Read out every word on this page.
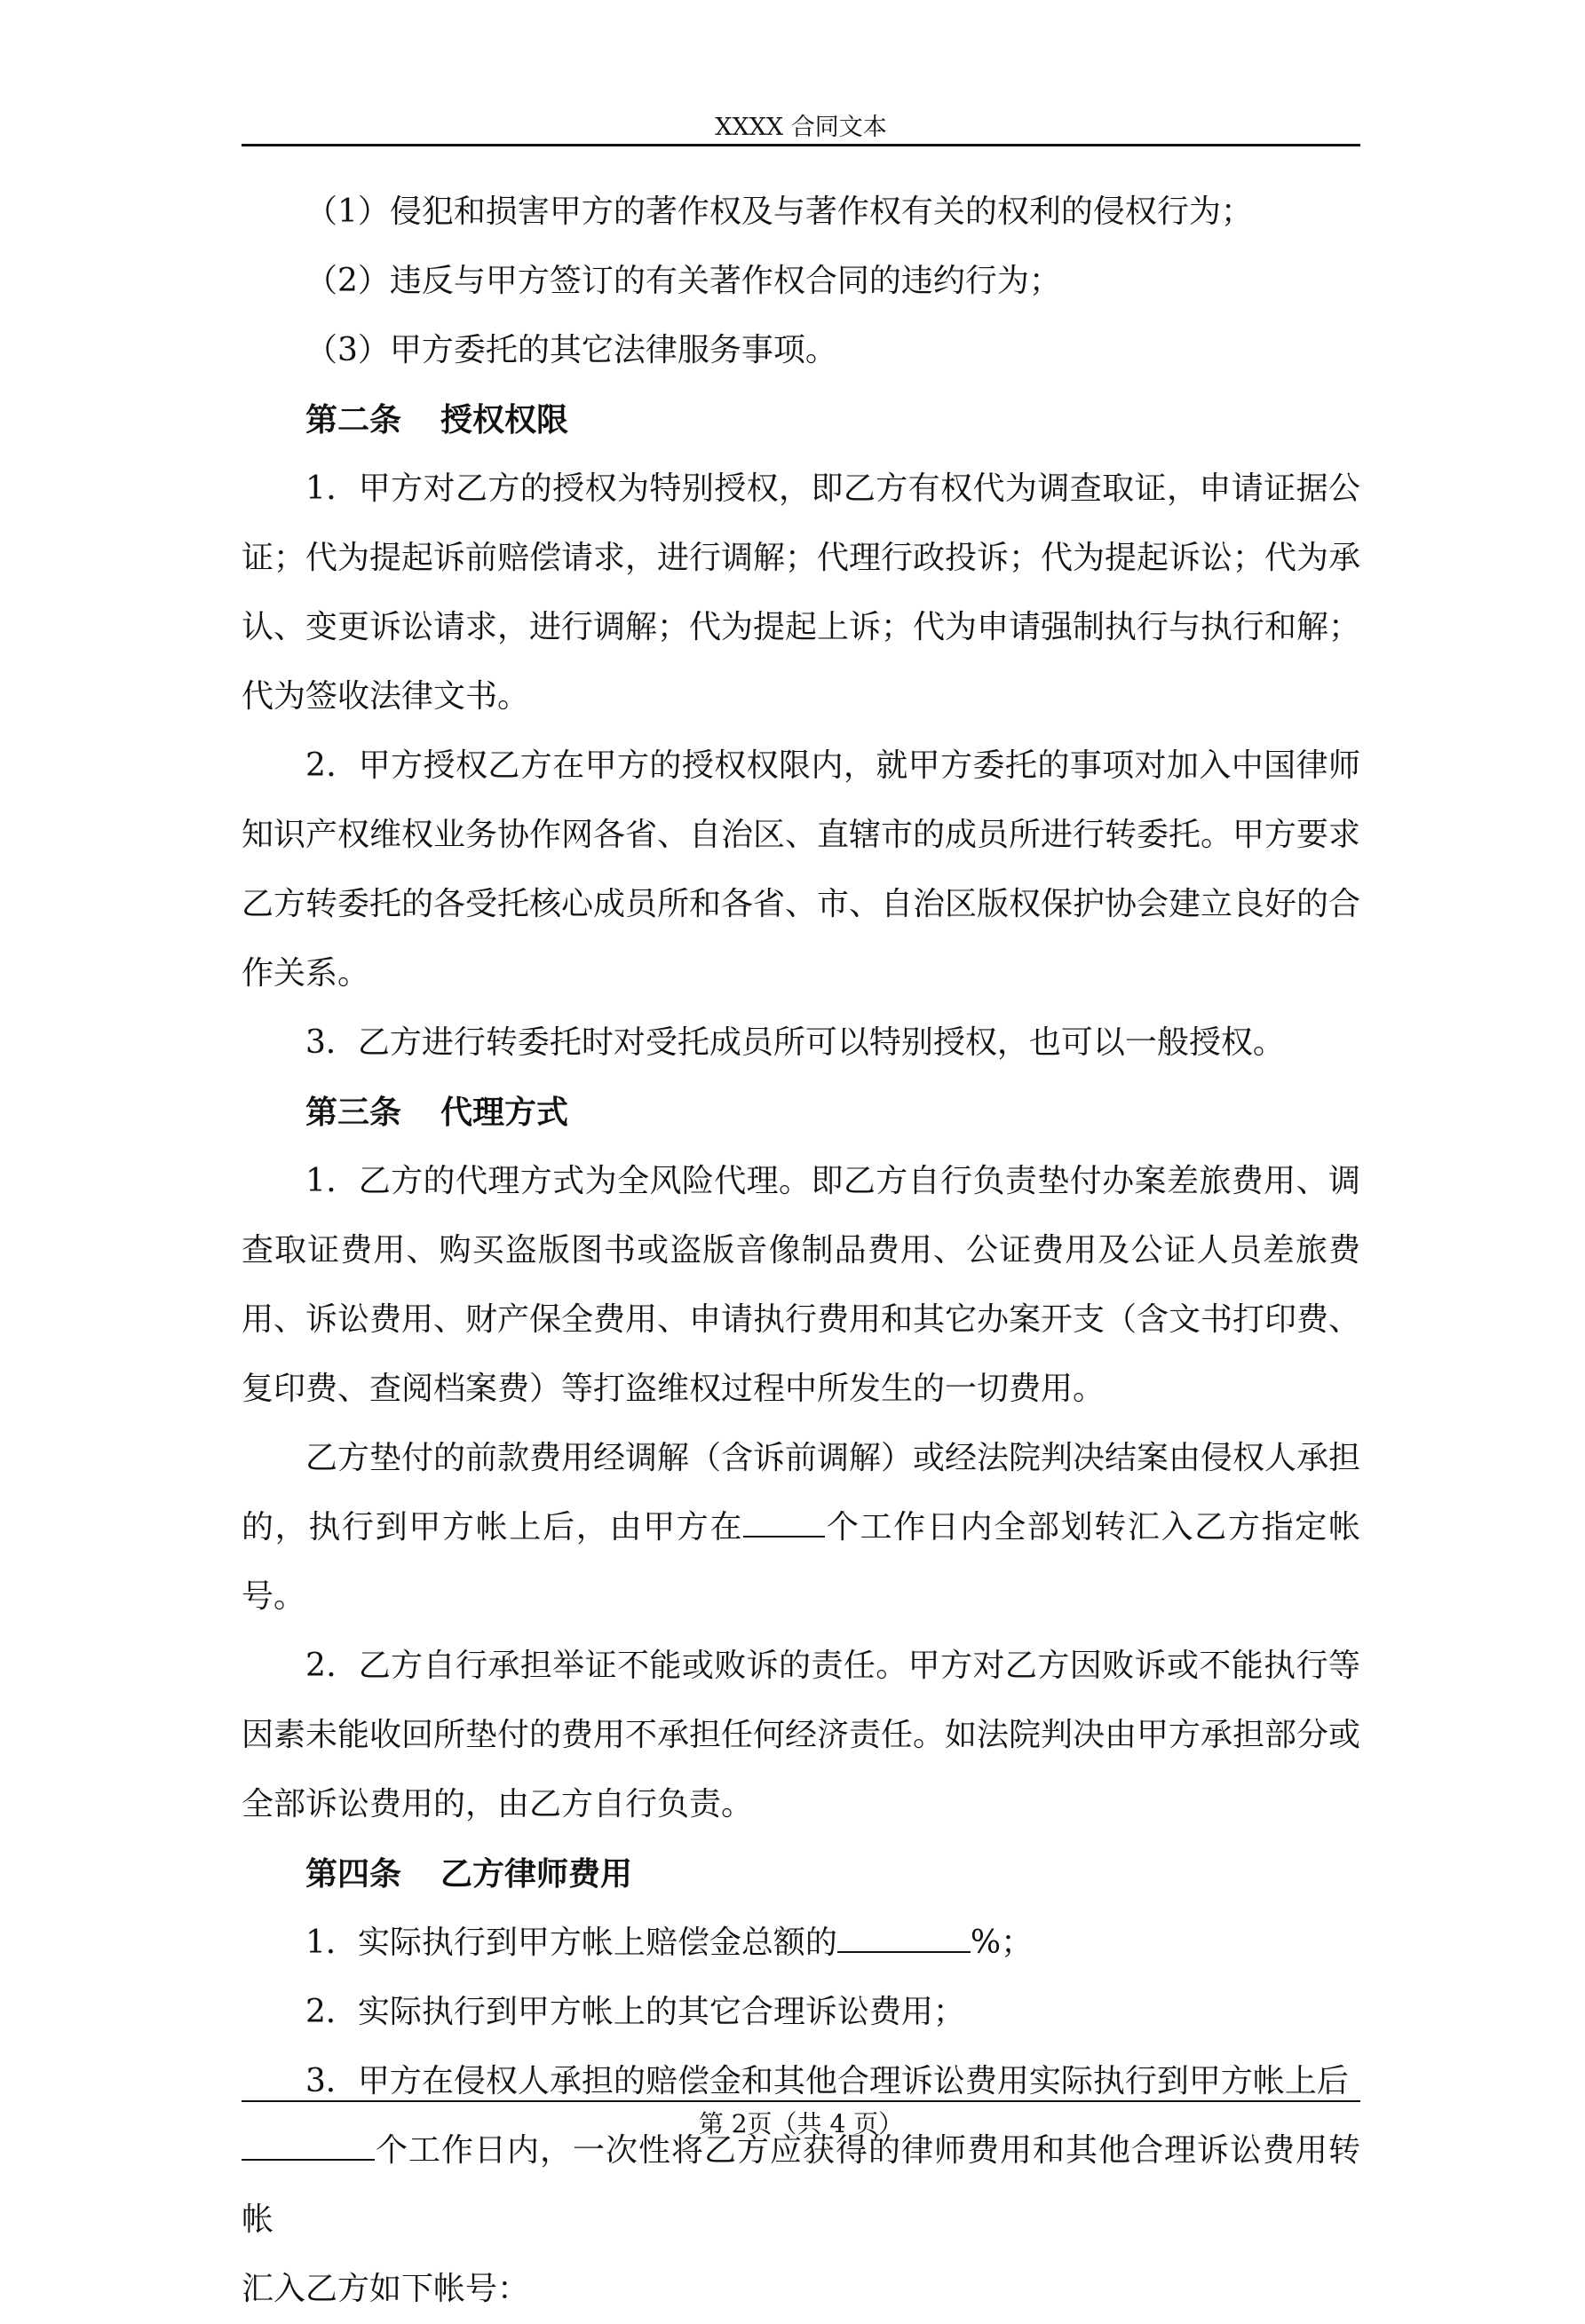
XXXX 合同文本

（1）侵犯和损害甲方的著作权及与著作权有关的权利的侵权行为；

（2）违反与甲方签订的有关著作权合同的违约行为；

（3）甲方委托的其它法律服务事项。

第二条 授权权限

1．甲方对乙方的授权为特别授权，即乙方有权代为调查取证，申请证据公证；代为提起诉前赔偿请求，进行调解；代理行政投诉；代为提起诉讼；代为承认、变更诉讼请求，进行调解；代为提起上诉；代为申请强制执行与执行和解；代为签收法律文书。

2．甲方授权乙方在甲方的授权权限内，就甲方委托的事项对加入中国律师知识产权维权业务协作网各省、自治区、直辖市的成员所进行转委托。甲方要求乙方转委托的各受托核心成员所和各省、市、自治区版权保护协会建立良好的合作关系。

3．乙方进行转委托时对受托成员所可以特别授权，也可以一般授权。

第三条 代理方式

1．乙方的代理方式为全风险代理。即乙方自行负责垫付办案差旅费用、调查取证费用、购买盗版图书或盗版音像制品费用、公证费用及公证人员差旅费用、诉讼费用、财产保全费用、申请执行费用和其它办案开支（含文书打印费、复印费、查阅档案费）等打盗维权过程中所发生的一切费用。

乙方垫付的前款费用经调解（含诉前调解）或经法院判决结案由侵权人承担的，执行到甲方帐上后，由甲方在	个工作日内全部划转汇入乙方指定帐号。

2．乙方自行承担举证不能或败诉的责任。甲方对乙方因败诉或不能执行等因素未能收回所垫付的费用不承担任何经济责任。如法院判决由甲方承担部分或全部诉讼费用的，由乙方自行负责。

第四条 乙方律师费用

1．实际执行到甲方帐上赔偿金总额的	%；

2．实际执行到甲方帐上的其它合理诉讼费用；

3．甲方在侵权人承担的赔偿金和其他合理诉讼费用实际执行到甲方帐上后

个工作日内，一次性将乙方应获得的律师费用和其他合理诉讼费用转帐

汇入乙方如下帐号：

第 2页（共 4 页）
